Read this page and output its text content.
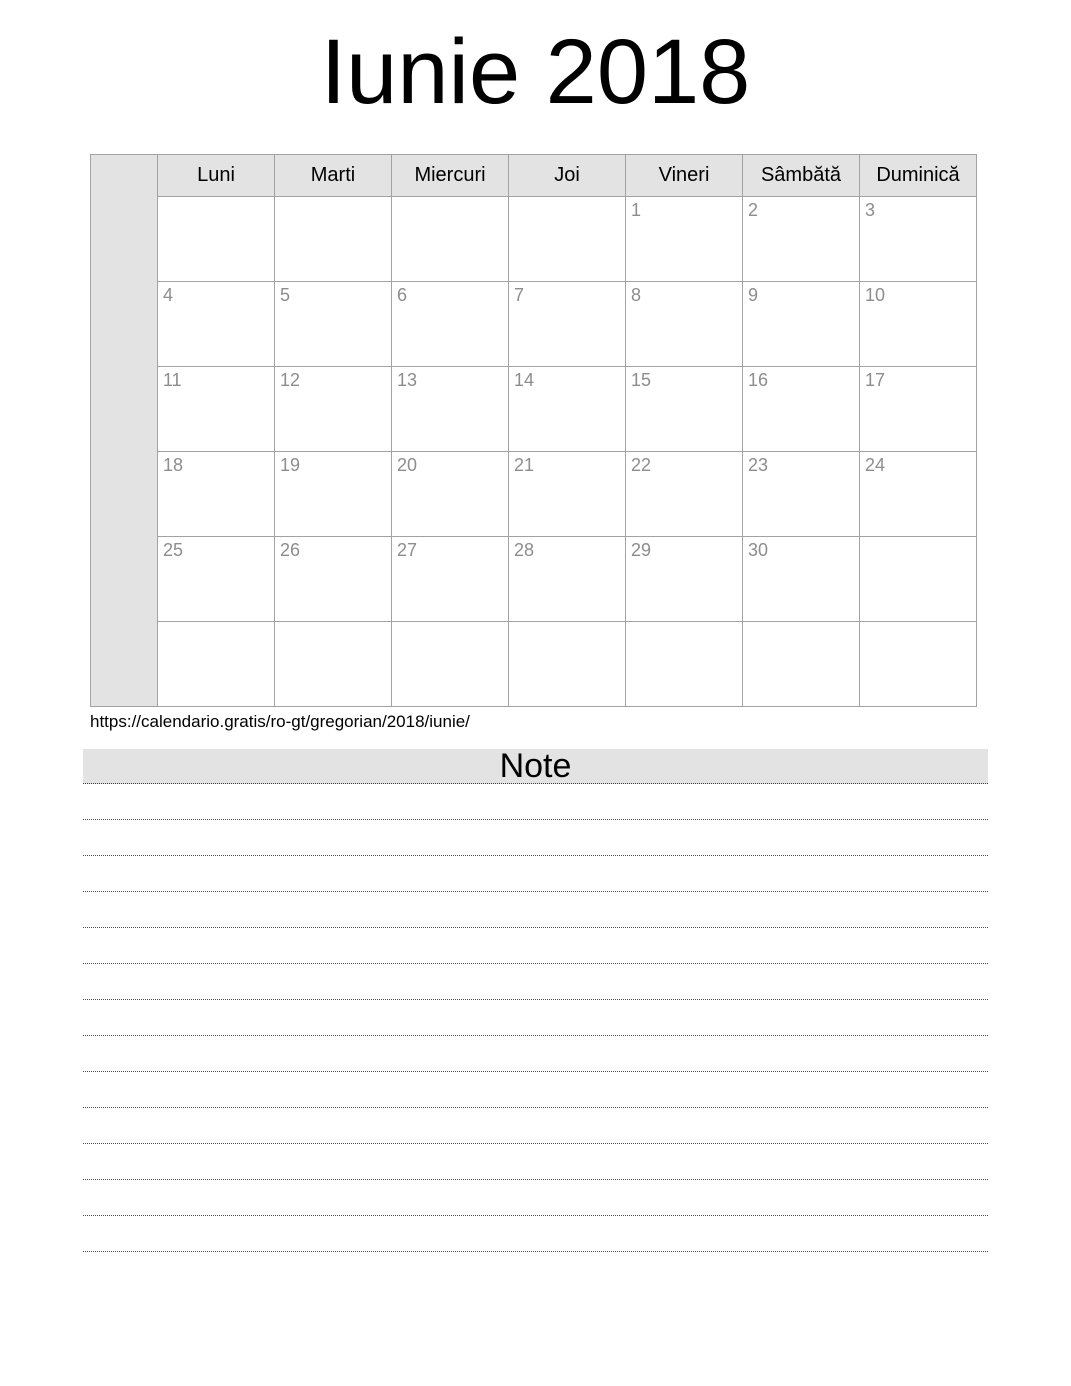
Iunie 2018
	Luni	Marti	Miercuri	Joi	Vineri	Sâmbătă	Duminică
					1	2	3
	4	5	6	7	8	9	10
	11	12	13	14	15	16	17
	18	19	20	21	22	23	24
	25	26	27	28	29	30	

https://calendario.gratis/ro-gt/gregorian/2018/iunie/
Note
